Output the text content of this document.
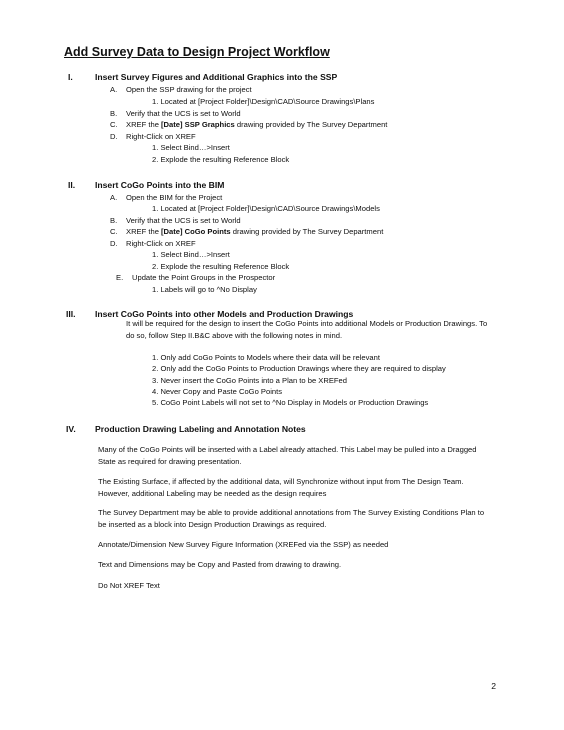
Add Survey Data to Design Project Workflow
I.	Insert Survey Figures and Additional Graphics into the SSP
A. Open the SSP drawing for the project
1. Located at [Project Folder]\Design\CAD\Source Drawings\Plans
B. Verify that the UCS is set to World
C. XREF the [Date] SSP Graphics drawing provided by The Survey Department
D. Right-Click on XREF
1. Select Bind…>Insert
2. Explode the resulting Reference Block
II. Insert CoGo Points into the BIM
A. Open the BIM for the Project
1. Located at [Project Folder]\Design\CAD\Source Drawings\Models
B. Verify that the UCS is set to World
C. XREF the [Date] CoGo Points drawing provided by The Survey Department
D. Right-Click on XREF
1. Select Bind…>Insert
2. Explode the resulting Reference Block
E. Update the Point Groups in the Prospector
1. Labels will go to ^No Display
III. Insert CoGo Points into other Models and Production Drawings
It will be required for the design to insert the CoGo Points into additional Models or Production Drawings. To do so, follow Step II.B&C above with the following notes in mind.
1. Only add CoGo Points to Models where their data will be relevant
2. Only add the CoGo Points to Production Drawings where they are required to display
3. Never insert the CoGo Points into a Plan to be XREFed
4. Never Copy and Paste CoGo Points
5. CoGo Point Labels will not set to ^No Display in Models or Production Drawings
IV. Production Drawing Labeling and Annotation Notes
Many of the CoGo Points will be inserted with a Label already attached. This Label may be pulled into a Dragged State as required for drawing presentation.
The Existing Surface, if affected by the additional data, will Synchronize without input from The Design Team. However, additional Labeling may be needed as the design requires
The Survey Department may be able to provide additional annotations from The Survey Existing Conditions Plan to be inserted as a block into Design Production Drawings as required.
Annotate/Dimension New Survey Figure Information (XREFed via the SSP) as needed
Text and Dimensions may be Copy and Pasted from drawing to drawing.
Do Not XREF Text
2
